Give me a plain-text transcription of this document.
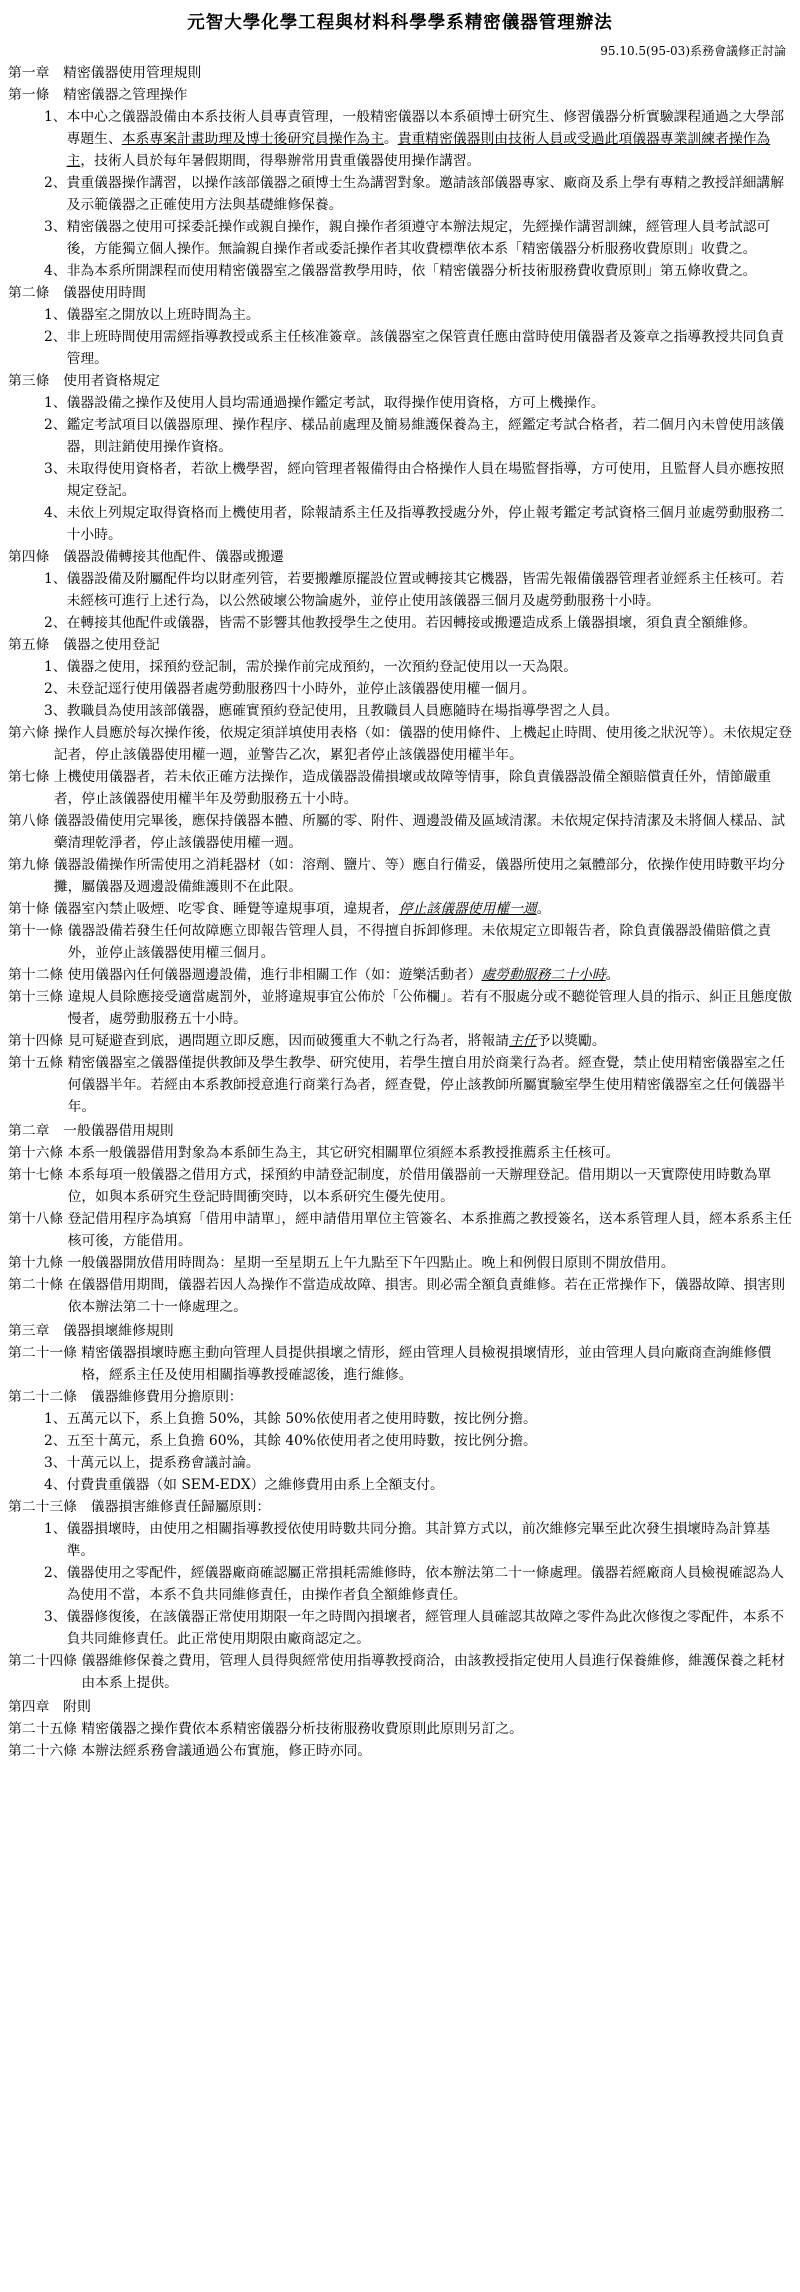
元智大學化學工程與材料科學學系精密儀器管理辦法
95.10.5(95-03)系務會議修正討論
第一章　精密儀器使用管理規則
第一條　精密儀器之管理操作
1、 本中心之儀器設備由本系技術人員專責管理，一般精密儀器以本系碩博士研究生、修習儀器分析實驗課程通過之大學部專題生、本系專案計畫助理及博士後研究員操作為主。貴重精密儀器則由技術人員或受過此項儀器專業訓練者操作為主，技術人員於每年暑假期間，得舉辦常用貴重儀器使用操作講習。
2、 貴重儀器操作講習，以操作該部儀器之碩博士生為講習對象。邀請該部儀器專家、廠商及系上學有專精之教授詳細講解及示範儀器之正確使用方法與基礎維修保養。
3、 精密儀器之使用可採委託操作或親自操作，親自操作者須遵守本辦法規定，先經操作講習訓練，經管理人員考試認可後，方能獨立個人操作。無論親自操作者或委託操作者其收費標準依本系「精密儀器分析服務收費原則」收費之。
4、 非為本系所開課程而使用精密儀器室之儀器當教學用時，依「精密儀器分析技術服務費收費原則」第五條收費之。
第二條　儀器使用時間
1、 儀器室之開放以上班時間為主。
2、 非上班時間使用需經指導教授或系主任核准簽章。該儀器室之保管責任應由當時使用儀器者及簽章之指導教授共同負責管理。
第三條　使用者資格規定
1、 儀器設備之操作及使用人員均需通過操作鑑定考試，取得操作使用資格，方可上機操作。
2、 鑑定考試項目以儀器原理、操作程序、樣品前處理及簡易維護保養為主，經鑑定考試合格者，若二個月內未曾使用該儀器，則註銷使用操作資格。
3、 未取得使用資格者，若欲上機學習，經向管理者報備得由合格操作人員在場監督指導，方可使用，且監督人員亦應按照規定登記。
4、 未依上列規定取得資格而上機使用者，除報請系主任及指導教授處分外，停止報考鑑定考試資格三個月並處勞動服務二十小時。
第四條　儀器設備轉接其他配件、儀器或搬遷
1、 儀器設備及附屬配件均以財產列管，若要搬離原擺設位置或轉接其它機器，皆需先報備儀器管理者並經系主任核可。若未經核可進行上述行為，以公然破壞公物論處外，並停止使用該儀器三個月及處勞動服務十小時。
2、 在轉接其他配件或儀器，皆需不影響其他教授學生之使用。若因轉接或搬遷造成系上儀器損壞，須負責全額維修。
第五條　儀器之使用登記
1、 儀器之使用，採預約登記制，需於操作前完成預約，一次預約登記使用以一天為限。
2、 未登記逕行使用儀器者處勞動服務四十小時外，並停止該儀器使用權一個月。
3、 教職員為使用該部儀器，應確實預約登記使用，且教職員人員應隨時在場指導學習之人員。
第六條 操作人員應於每次操作後，依規定須詳填使用表格（如：儀器的使用條件、上機起止時間、使用後之狀況等）。未依規定登記者，停止該儀器使用權一週，並警告乙次，累犯者停止該儀器使用權半年。
第七條 上機使用儀器者，若未依正確方法操作，造成儀器設備損壞或故障等情事，除負責儀器設備全額賠償責任外，情節嚴重者，停止該儀器使用權半年及勞動服務五十小時。
第八條 儀器設備使用完畢後，應保持儀器本體、所屬的零、附件、週邊設備及區域清潔。未依規定保持清潔及未將個人樣品、試藥清理乾淨者，停止該儀器使用權一週。
第九條 儀器設備操作所需使用之消耗器材（如：溶劑、鹽片、等）應自行備妥，儀器所使用之氣體部分，依操作使用時數平均分攤，屬儀器及週邊設備維護則不在此限。
第十條 儀器室內禁止吸煙、吃零食、睡覺等違規事項，違規者，停止該儀器使用權一週。
第十一條 儀器設備若發生任何故障應立即報告管理人員，不得擅自拆卸修理。未依規定立即報告者，除負責儀器設備賠償之責外，並停止該儀器使用權三個月。
第十二條 使用儀器內任何儀器週邊設備，進行非相關工作（如：遊樂活動者）處勞動服務二十小時。
第十三條 違規人員除應接受適當處罰外，並將違規事宜公佈於「公佈欄」。若有不服處分或不聽從管理人員的指示、糾正且態度傲慢者，處勞動服務五十小時。
第十四條 見可疑避查到底，遇問題立即反應，因而破獲重大不軌之行為者，將報請主任予以獎勵。
第十五條 精密儀器室之儀器僅提供教師及學生教學、研究使用，若學生擅自用於商業行為者。經查覺，禁止使用精密儀器室之任何儀器半年。若經由本系教師授意進行商業行為者，經查覺，停止該教師所屬實驗室學生使用精密儀器室之任何儀器半年。
第二章　一般儀器借用規則
第十六條 本系一般儀器借用對象為本系師生為主，其它研究相關單位須經本系教授推薦系主任核可。
第十七條 本系每項一般儀器之借用方式，採預約申請登記制度，於借用儀器前一天辦理登記。借用期以一天實際使用時數為單位，如與本系研究生登記時間衝突時，以本系研究生優先使用。
第十八條 登記借用程序為填寫「借用申請單」，經申請借用單位主管簽名、本系推薦之教授簽名，送本系管理人員，經本系系主任核可後，方能借用。
第十九條 一般儀器開放借用時間為：星期一至星期五上午九點至下午四點止。晚上和例假日原則不開放借用。
第二十條 在儀器借用期間，儀器若因人為操作不當造成故障、損害。則必需全額負責維修。若在正常操作下，儀器故障、損害則依本辦法第二十一條處理之。
第三章　儀器損壞維修規則
第二十一條 精密儀器損壞時應主動向管理人員提供損壞之情形，經由管理人員檢視損壞情形，並由管理人員向廠商查詢維修價格，經系主任及使用相關指導教授確認後，進行維修。
第二十二條　儀器維修費用分擔原則：
1、 五萬元以下，系上負擔 50%，其餘 50%依使用者之使用時數，按比例分擔。
2、 五至十萬元，系上負擔 60%，其餘 40%依使用者之使用時數，按比例分擔。
3、 十萬元以上，提系務會議討論。
4、 付費貴重儀器（如 SEM-EDX）之維修費用由系上全額支付。
第二十三條　儀器損害維修責任歸屬原則：
1、 儀器損壞時，由使用之相關指導教授依使用時數共同分擔。其計算方式以，前次維修完畢至此次發生損壞時為計算基準。
2、 儀器使用之零配件，經儀器廠商確認屬正常損耗需維修時，依本辦法第二十一條處理。儀器若經廠商人員檢視確認為人為使用不當，本系不負共同維修責任，由操作者負全額維修責任。
3、 儀器修復後，在該儀器正常使用期限一年之時間內損壞者，經管理人員確認其故障之零件為此次修復之零配件，本系不負共同維修責任。此正常使用期限由廠商認定之。
第二十四條 儀器維修保養之費用，管理人員得與經常使用指導教授商洽，由該教授指定使用人員進行保養維修，維護保養之耗材由本系上提供。
第四章　附則
第二十五條 精密儀器之操作費依本系精密儀器分析技術服務收費原則此原則另訂之。
第二十六條 本辦法經系務會議通過公布實施，修正時亦同。
